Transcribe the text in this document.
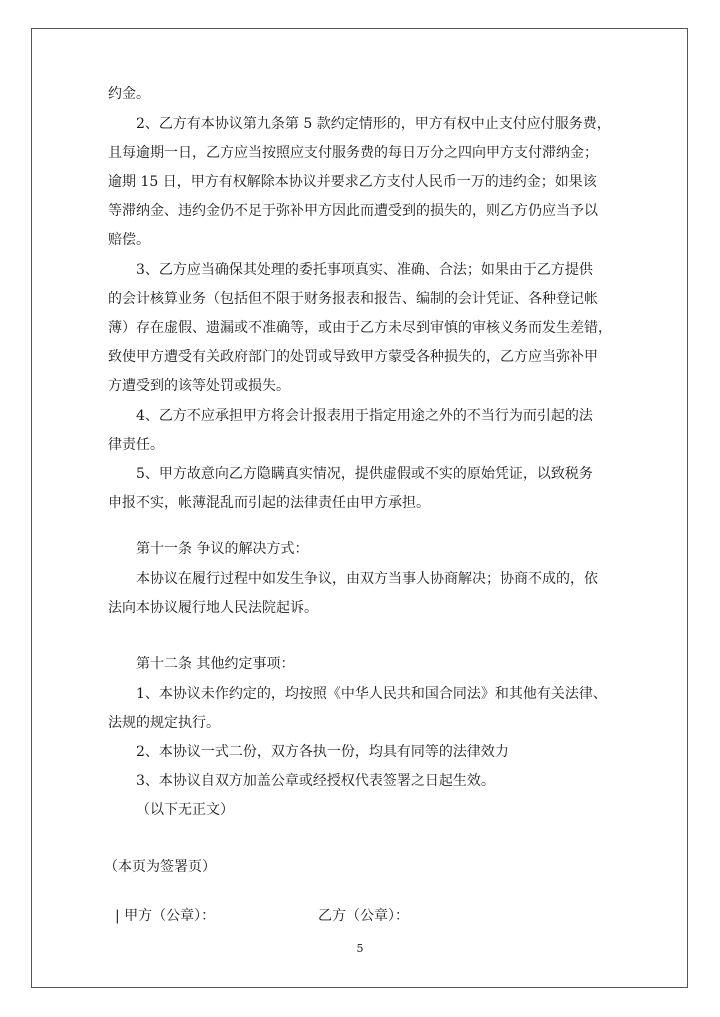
约金。
2、乙方有本协议第九条第 5 款约定情形的，甲方有权中止支付应付服务费，
且每逾期一日，乙方应当按照应支付服务费的每日万分之四向甲方支付滞纳金；
逾期 15 日，甲方有权解除本协议并要求乙方支付人民币一万的违约金；如果该
等滞纳金、违约金仍不足于弥补甲方因此而遭受到的损失的，则乙方仍应当予以
赔偿。
3、乙方应当确保其处理的委托事项真实、准确、合法；如果由于乙方提供
的会计核算业务（包括但不限于财务报表和报告、编制的会计凭证、各种登记帐
薄）存在虚假、遗漏或不准确等，或由于乙方未尽到审慎的审核义务而发生差错，
致使甲方遭受有关政府部门的处罚或导致甲方蒙受各种损失的，乙方应当弥补甲
方遭受到的该等处罚或损失。
4、乙方不应承担甲方将会计报表用于指定用途之外的不当行为而引起的法
律责任。
5、甲方故意向乙方隐瞒真实情况，提供虚假或不实的原始凭证，以致税务
申报不实，帐薄混乱而引起的法律责任由甲方承担。
第十一条 争议的解决方式：
本协议在履行过程中如发生争议，由双方当事人协商解决；协商不成的，依
法向本协议履行地人民法院起诉。
第十二条 其他约定事项：
1、本协议未作约定的，均按照《中华人民共和国合同法》和其他有关法律、
法规的规定执行。
2、本协议一式二份，双方各执一份，均具有同等的法律效力
3、本协议自双方加盖公章或经授权代表签署之日起生效。
（以下无正文）
（本页为签署页）
| 甲方（公章）：	乙方（公章）：
5
